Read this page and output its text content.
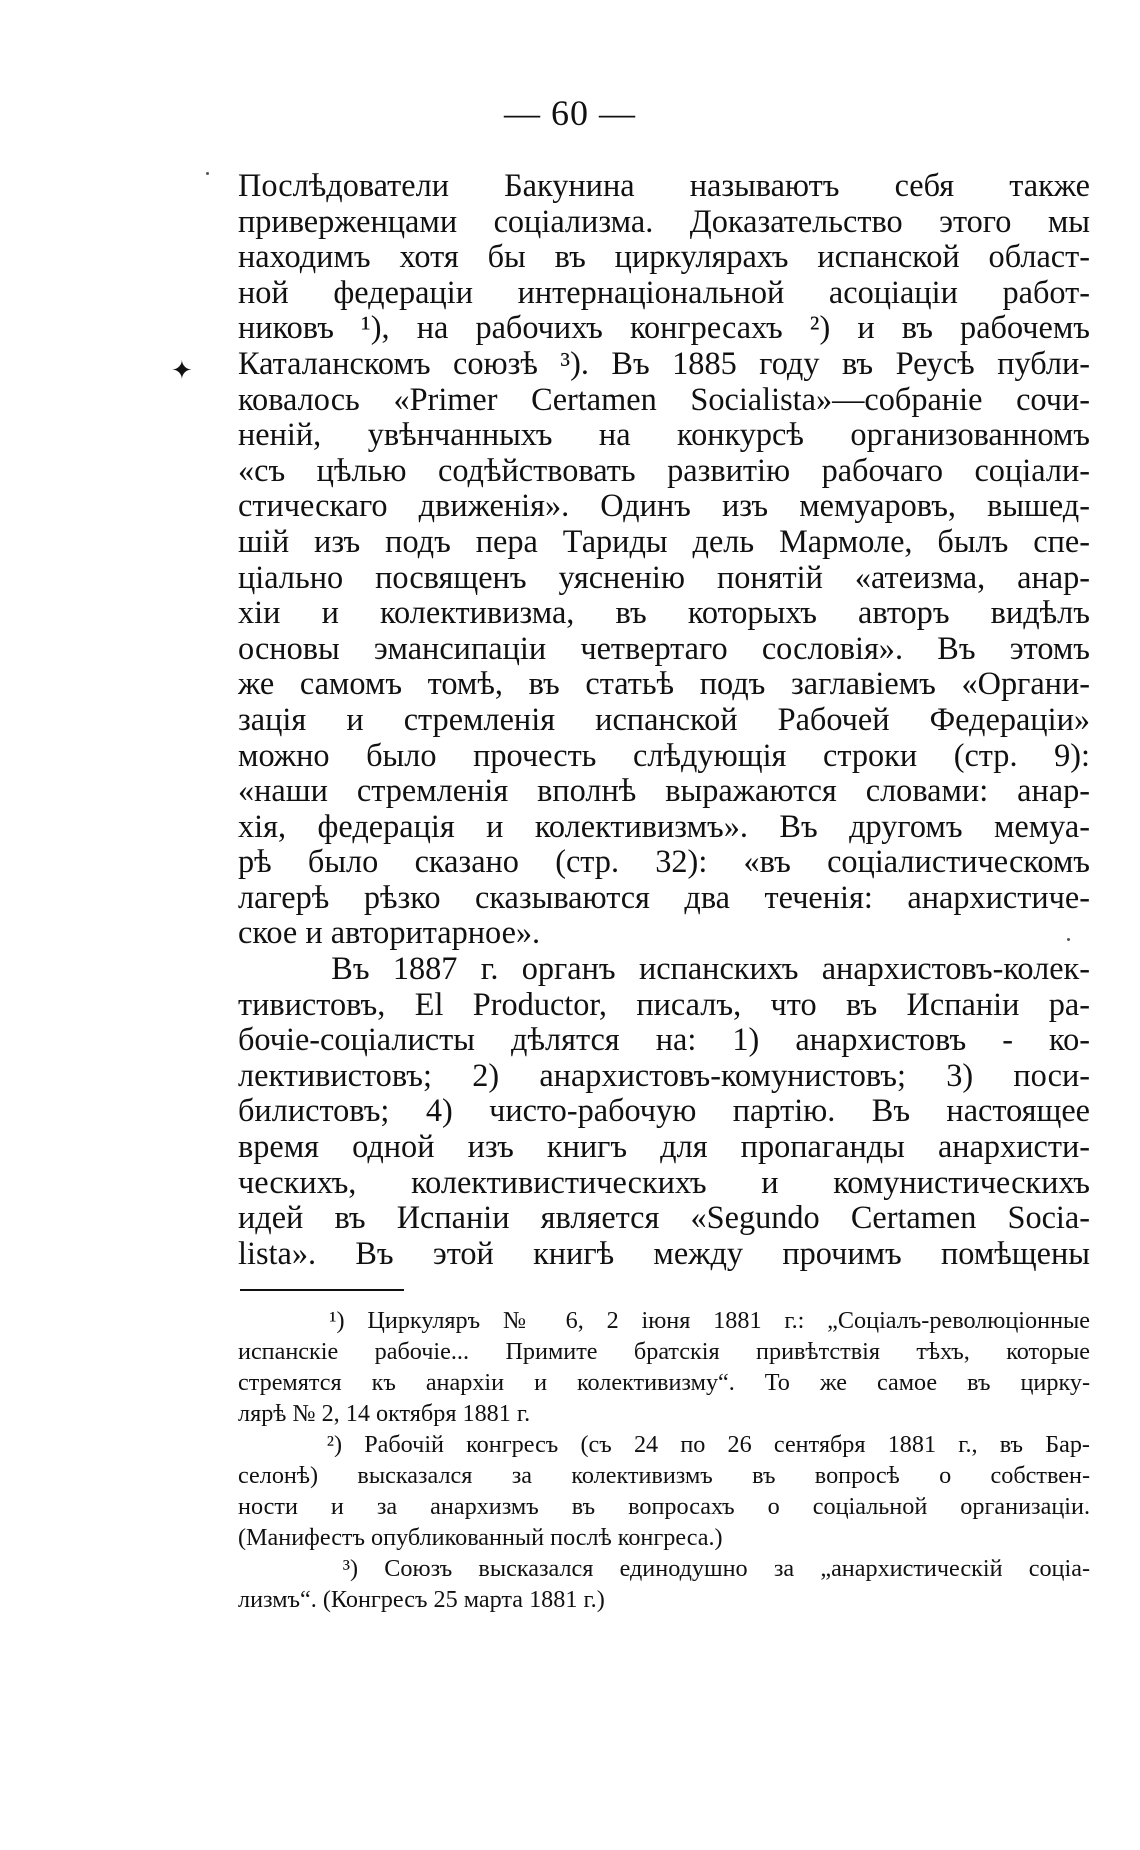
— 60 —
✦
Послѣдователи Бакунина называютъ себя также
приверженцами соціализма. Доказательство этого мы
находимъ хотя бы въ циркулярахъ испанской област-
ной федераціи интернаціональной асоціаціи работ-
никовъ ¹), на рабочихъ конгресахъ ²) и въ рабочемъ
Каталанскомъ союзѣ ³). Въ 1885 году въ Реусѣ публи-
ковалось «Primer Certamen Socialista»—собраніе сочи-
неній, увѣнчанныхъ на конкурсѣ организованномъ
«съ цѣлью содѣйствовать развитію рабочаго соціали-
стическаго движенія». Одинъ изъ мемуаровъ, вышед-
шій изъ подъ пера Тариды дель Мармоле, былъ спе-
ціально посвященъ уясненію понятій «атеизма, анар-
хіи и колективизма, въ которыхъ авторъ видѣлъ
основы эмансипаціи четвертаго сословія». Въ этомъ
же самомъ томѣ, въ статьѣ подъ заглавіемъ «Органи-
зація и стремленія испанской Рабочей Федераціи»
можно было прочесть слѣдующія строки (стр. 9):
«наши стремленія вполнѣ выражаются словами: анар-
хія, федерація и колективизмъ». Въ другомъ мемуа-
рѣ было сказано (стр. 32): «въ соціалистическомъ
лагерѣ рѣзко сказываются два теченія: анархистиче-
ское и авторитарное».
Въ 1887 г. органъ испанскихъ анархистовъ-колек-
тивистовъ, El Productor, писалъ, что въ Испаніи ра-
бочіе-соціалисты дѣлятся на: 1) анархистовъ - ко-
лективистовъ; 2) анархистовъ-комунистовъ; 3) поси-
билистовъ; 4) чисто-рабочую партію. Въ настоящее
время одной изъ книгъ для пропаганды анархисти-
ческихъ, колективистическихъ и комунистическихъ
идей въ Испаніи является «Segundo Certamen Socia-
lista». Въ этой книгѣ между прочимъ помѣщены
¹) Циркуляръ № 6, 2 іюня 1881 г.: „Соціалъ-революціонные
испанскіе рабочіе... Примите братскія привѣтствія тѣхъ, которые
стремятся къ анархіи и колективизму“. То же самое въ цирку-
лярѣ № 2, 14 октября 1881 г.
²) Рабочій конгресъ (съ 24 по 26 сентября 1881 г., въ Бар-
селонѣ) высказался за колективизмъ въ вопросѣ о собствен-
ности и за анархизмъ въ вопросахъ о соціальной организаціи.
(Манифестъ опубликованный послѣ конгреса.)
³) Союзъ высказался единодушно за „анархистическій соціа-
лизмъ“. (Конгресъ 25 марта 1881 г.)
